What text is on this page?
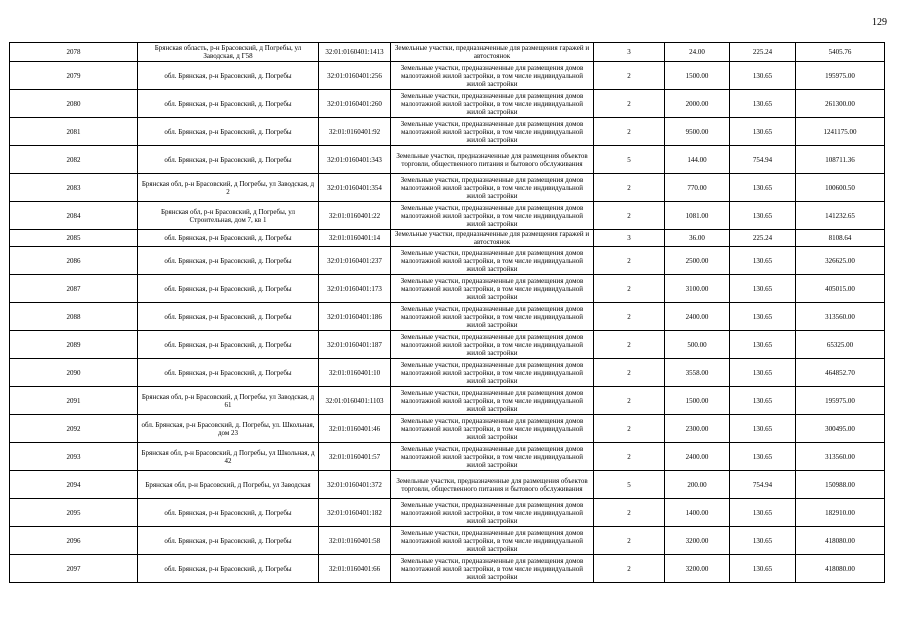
129
2078	Брянская область, р-н Брасовский, д Погребы, ул Заводская, д Г58	32:01:0160401:1413	Земельные участки, предназначенные для размещения гаражей и автостоянок	3	24.00	225.24	5405.76
2079	обл. Брянская, р-н Брасовский, д. Погребы	32:01:0160401:256	Земельные участки, предназначенные для размещения домов малоэтажной жилой застройки, в том числе индивидуальной жилой застройки	2	1500.00	130.65	195975.00
2080	обл. Брянская, р-н Брасовский, д. Погребы	32:01:0160401:260	Земельные участки, предназначенные для размещения домов малоэтажной жилой застройки, в том числе индивидуальной жилой застройки	2	2000.00	130.65	261300.00
2081	обл. Брянская, р-н Брасовский, д. Погребы	32:01:0160401:92	Земельные участки, предназначенные для размещения домов малоэтажной жилой застройки, в том числе индивидуальной жилой застройки	2	9500.00	130.65	1241175.00
2082	обл. Брянская, р-н Брасовский, д. Погребы	32:01:0160401:343	Земельные участки, предназначенные для размещения объектов торговли, общественного питания и бытового обслуживания	5	144.00	754.94	108711.36
2083	Брянская обл, р-н Брасовский, д Погребы, ул Заводская, д 2	32:01:0160401:354	Земельные участки, предназначенные для размещения домов малоэтажной жилой застройки, в том числе индивидуальной жилой застройки	2	770.00	130.65	100600.50
2084	Брянская обл, р-н Брасовский, д Погребы, ул Строительная, дом 7, кв 1	32:01:0160401:22	Земельные участки, предназначенные для размещения домов малоэтажной жилой застройки, в том числе индивидуальной жилой застройки	2	1081.00	130.65	141232.65
2085	обл. Брянская, р-н Брасовский, д. Погребы	32:01:0160401:14	Земельные участки, предназначенные для размещения гаражей и автостоянок	3	36.00	225.24	8108.64
2086	обл. Брянская, р-н Брасовский, д. Погребы	32:01:0160401:237	Земельные участки, предназначенные для размещения домов малоэтажной жилой застройки, в том числе индивидуальной жилой застройки	2	2500.00	130.65	326625.00
2087	обл. Брянская, р-н Брасовский, д. Погребы	32:01:0160401:173	Земельные участки, предназначенные для размещения домов малоэтажной жилой застройки, в том числе индивидуальной жилой застройки	2	3100.00	130.65	405015.00
2088	обл. Брянская, р-н Брасовский, д. Погребы	32:01:0160401:186	Земельные участки, предназначенные для размещения домов малоэтажной жилой застройки, в том числе индивидуальной жилой застройки	2	2400.00	130.65	313560.00
2089	обл. Брянская, р-н Брасовский, д. Погребы	32:01:0160401:187	Земельные участки, предназначенные для размещения домов малоэтажной жилой застройки, в том числе индивидуальной жилой застройки	2	500.00	130.65	65325.00
2090	обл. Брянская, р-н Брасовский, д. Погребы	32:01:0160401:10	Земельные участки, предназначенные для размещения домов малоэтажной жилой застройки, в том числе индивидуальной жилой застройки	2	3558.00	130.65	464852.70
2091	Брянская обл, р-н Брасовский, д Погребы, ул Заводская, д 61	32:01:0160401:1103	Земельные участки, предназначенные для размещения домов малоэтажной жилой застройки, в том числе индивидуальной жилой застройки	2	1500.00	130.65	195975.00
2092	обл. Брянская, р-н Брасовский, д. Погребы, ул. Школьная, дом 23	32:01:0160401:46	Земельные участки, предназначенные для размещения домов малоэтажной жилой застройки, в том числе индивидуальной жилой застройки	2	2300.00	130.65	300495.00
2093	Брянская обл, р-н Брасовский, д Погребы, ул Школьная, д 42	32:01:0160401:57	Земельные участки, предназначенные для размещения домов малоэтажной жилой застройки, в том числе индивидуальной жилой застройки	2	2400.00	130.65	313560.00
2094	Брянская обл, р-н Брасовский, д Погребы, ул Заводская	32:01:0160401:372	Земельные участки, предназначенные для размещения объектов торговли, общественного питания и бытового обслуживания	5	200.00	754.94	150988.00
2095	обл. Брянская, р-н Брасовский, д. Погребы	32:01:0160401:182	Земельные участки, предназначенные для размещения домов малоэтажной жилой застройки, в том числе индивидуальной жилой застройки	2	1400.00	130.65	182910.00
2096	обл. Брянская, р-н Брасовский, д. Погребы	32:01:0160401:58	Земельные участки, предназначенные для размещения домов малоэтажной жилой застройки, в том числе индивидуальной жилой застройки	2	3200.00	130.65	418080.00
2097	обл. Брянская, р-н Брасовский, д. Погребы	32:01:0160401:66	Земельные участки, предназначенные для размещения домов малоэтажной жилой застройки, в том числе индивидуальной жилой застройки	2	3200.00	130.65	418080.00
